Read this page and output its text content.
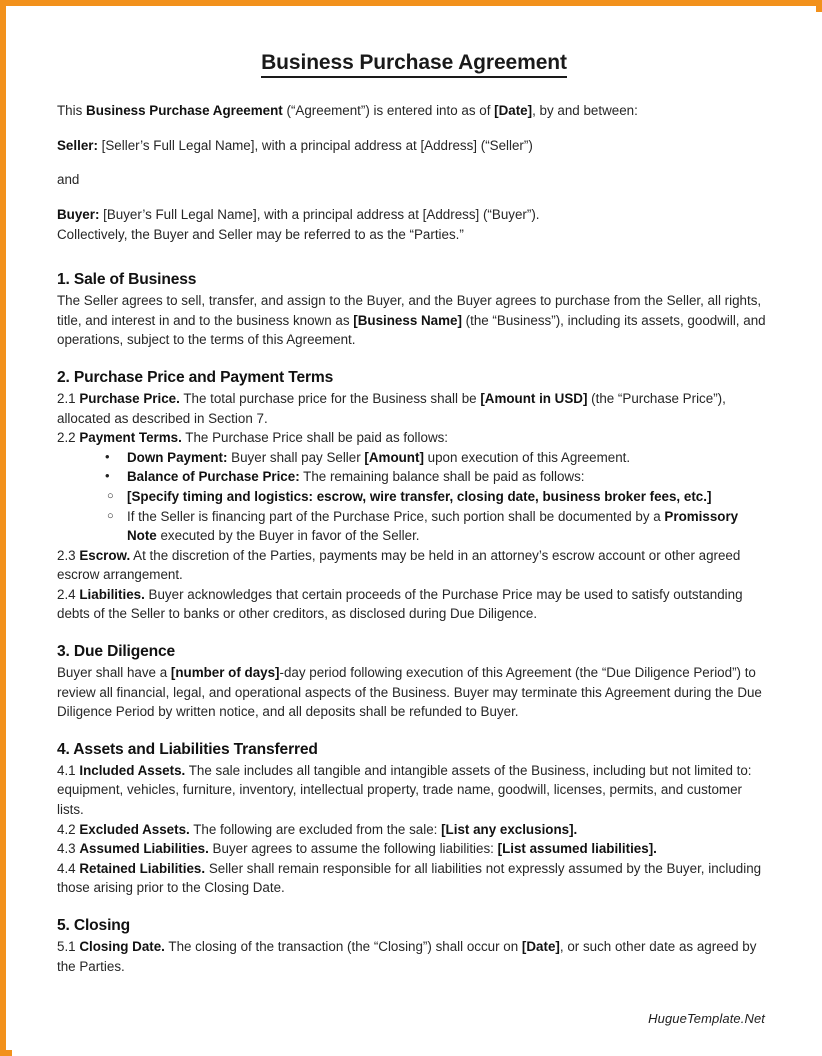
Business Purchase Agreement

This Business Purchase Agreement (“Agreement”) is entered into as of [Date], by and between:

Seller: [Seller’s Full Legal Name], with a principal address at [Address] (“Seller”)

and

Buyer: [Buyer’s Full Legal Name], with a principal address at [Address] (“Buyer”).
Collectively, the Buyer and Seller may be referred to as the “Parties.”

1. Sale of Business

The Seller agrees to sell, transfer, and assign to the Buyer, and the Buyer agrees to purchase from the Seller, all rights, title, and interest in and to the business known as [Business Name] (the “Business”), including its assets, goodwill, and operations, subject to the terms of this Agreement.

2. Purchase Price and Payment Terms

2.1 Purchase Price. The total purchase price for the Business shall be [Amount in USD] (the “Purchase Price”), allocated as described in Section 7.

2.2 Payment Terms. The Purchase Price shall be paid as follows:

• Down Payment: Buyer shall pay Seller [Amount] upon execution of this Agreement.
• Balance of Purchase Price: The remaining balance shall be paid as follows:
○ [Specify timing and logistics: escrow, wire transfer, closing date, business broker fees, etc.]
○ If the Seller is financing part of the Purchase Price, such portion shall be documented by a Promissory Note executed by the Buyer in favor of the Seller.

2.3 Escrow. At the discretion of the Parties, payments may be held in an attorney’s escrow account or other agreed escrow arrangement.

2.4 Liabilities. Buyer acknowledges that certain proceeds of the Purchase Price may be used to satisfy outstanding debts of the Seller to banks or other creditors, as disclosed during Due Diligence.

3. Due Diligence

Buyer shall have a [number of days]-day period following execution of this Agreement (the “Due Diligence Period”) to review all financial, legal, and operational aspects of the Business. Buyer may terminate this Agreement during the Due Diligence Period by written notice, and all deposits shall be refunded to Buyer.

4. Assets and Liabilities Transferred

4.1 Included Assets. The sale includes all tangible and intangible assets of the Business, including but not limited to: equipment, vehicles, furniture, inventory, intellectual property, trade name, goodwill, licenses, permits, and customer lists.

4.2 Excluded Assets. The following are excluded from the sale: [List any exclusions].

4.3 Assumed Liabilities. Buyer agrees to assume the following liabilities: [List assumed liabilities].

4.4 Retained Liabilities. Seller shall remain responsible for all liabilities not expressly assumed by the Buyer, including those arising prior to the Closing Date.

5. Closing

5.1 Closing Date. The closing of the transaction (the “Closing”) shall occur on [Date], or such other date as agreed by the Parties.

HugueTemplate.Net
